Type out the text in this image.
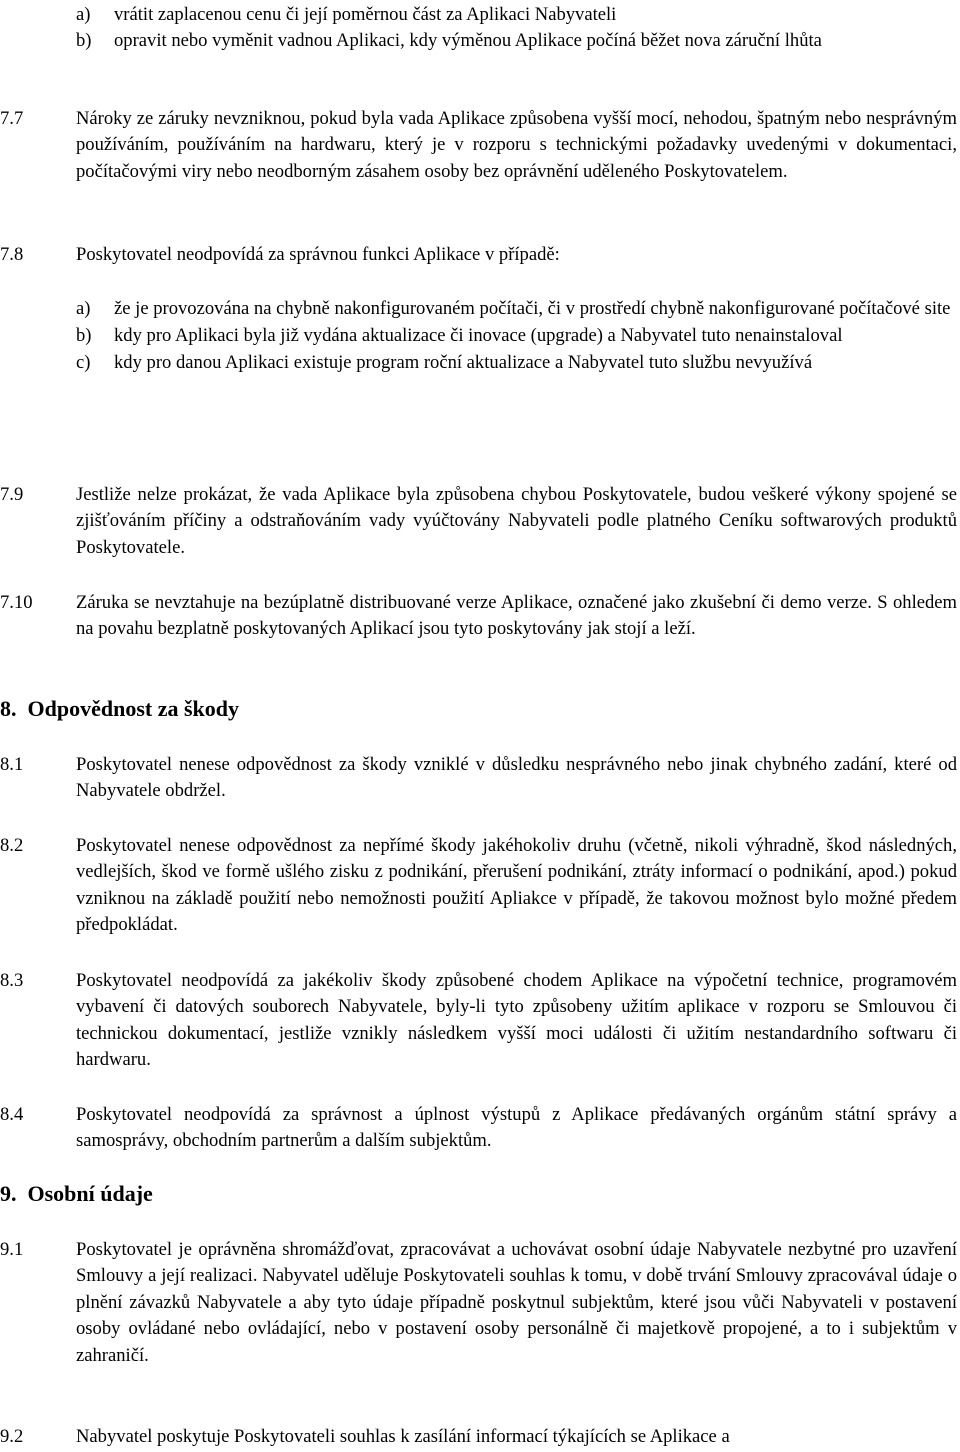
a) vrátit zaplacenou cenu či její poměrnou část za Aplikaci Nabyvateli
b) opravit nebo vyměnit vadnou Aplikaci, kdy výměnou Aplikace počíná běžet nova záruční lhůta
7.7	Nároky ze záruky nevzniknou, pokud byla vada Aplikace způsobena vyšší mocí, nehodou, špatným nebo nesprávným používáním, používáním na hardwaru, který je v rozporu s technickými požadavky uvedenými v dokumentaci, počítačovými viry nebo neodborným zásahem osoby bez oprávnění uděleného Poskytovatelem.
7.8	Poskytovatel neodpovídá za správnou funkci Aplikace v případě:
a) že je provozována na chybně nakonfigurovaném počítači, či v prostředí chybně nakonfigurované počítačové site
b) kdy pro Aplikaci byla již vydána aktualizace či inovace (upgrade) a Nabyvatel tuto nenainstaloval
c) kdy pro danou Aplikaci existuje program roční aktualizace a Nabyvatel tuto službu nevyužívá
7.9	Jestliže nelze prokázat, že vada Aplikace byla způsobena chybou Poskytovatele, budou veškeré výkony spojené se zjišťováním příčiny a odstraňováním vady vyúčtovány Nabyvateli podle platného Ceníku softwarových produktů Poskytovatele.
7.10 Záruka se nevztahuje na bezúplatně distribuované verze Aplikace, označené jako zkušební či demo verze. S ohledem na povahu bezplatně poskytovaných Aplikací jsou tyto poskytovány jak stojí a leží.
8. Odpovědnost za škody
8.1	Poskytovatel nenese odpovědnost za škody vzniklé v důsledku nesprávného nebo jinak chybného zadání, které od Nabyvatele obdržel.
8.2	Poskytovatel nenese odpovědnost za nepřímé škody jakéhokoliv druhu (včetně, nikoli výhradně, škod následných, vedlejších, škod ve formě ušlého zisku z podnikání, přerušení podnikání, ztráty informací o podnikání, apod.) pokud vzniknou na základě použití nebo nemožnosti použití Apliakce v případě, že takovou možnost bylo možné předem předpokládat.
8.3	Poskytovatel neodpovídá za jakékoliv škody způsobené chodem Aplikace na výpočetní technice, programovém vybavení či datových souborech Nabyvatele, byly-li tyto způsobeny užitím aplikace v rozporu se Smlouvou či technickou dokumentací, jestliže vznikly následkem vyšší moci události či užitím nestandardního softwaru či hardwaru.
8.4	Poskytovatel neodpovídá za správnost a úplnost výstupů z Aplikace předávaných orgánům státní správy a samosprávy, obchodním partnerům a dalším subjektům.
9. Osobní údaje
9.1	Poskytovatel je oprávněna shromážďovat, zpracovávat a uchovávat osobní údaje Nabyvatele nezbytné pro uzavření Smlouvy a její realizaci. Nabyvatel uděluje Poskytovateli souhlas k tomu, v době trvání Smlouvy zpracovával údaje o plnění závazků Nabyvatele a aby tyto údaje případně poskytnul subjektům, které jsou vůči Nabyvateli v postavení osoby ovládané nebo ovládající, nebo v postavení osoby personálně či majetkově propojené, a to i subjektům v zahraničí.
9.2	Nabyvatel poskytuje Poskytovateli souhlas k zasílání informací týkajících se Aplikace a
